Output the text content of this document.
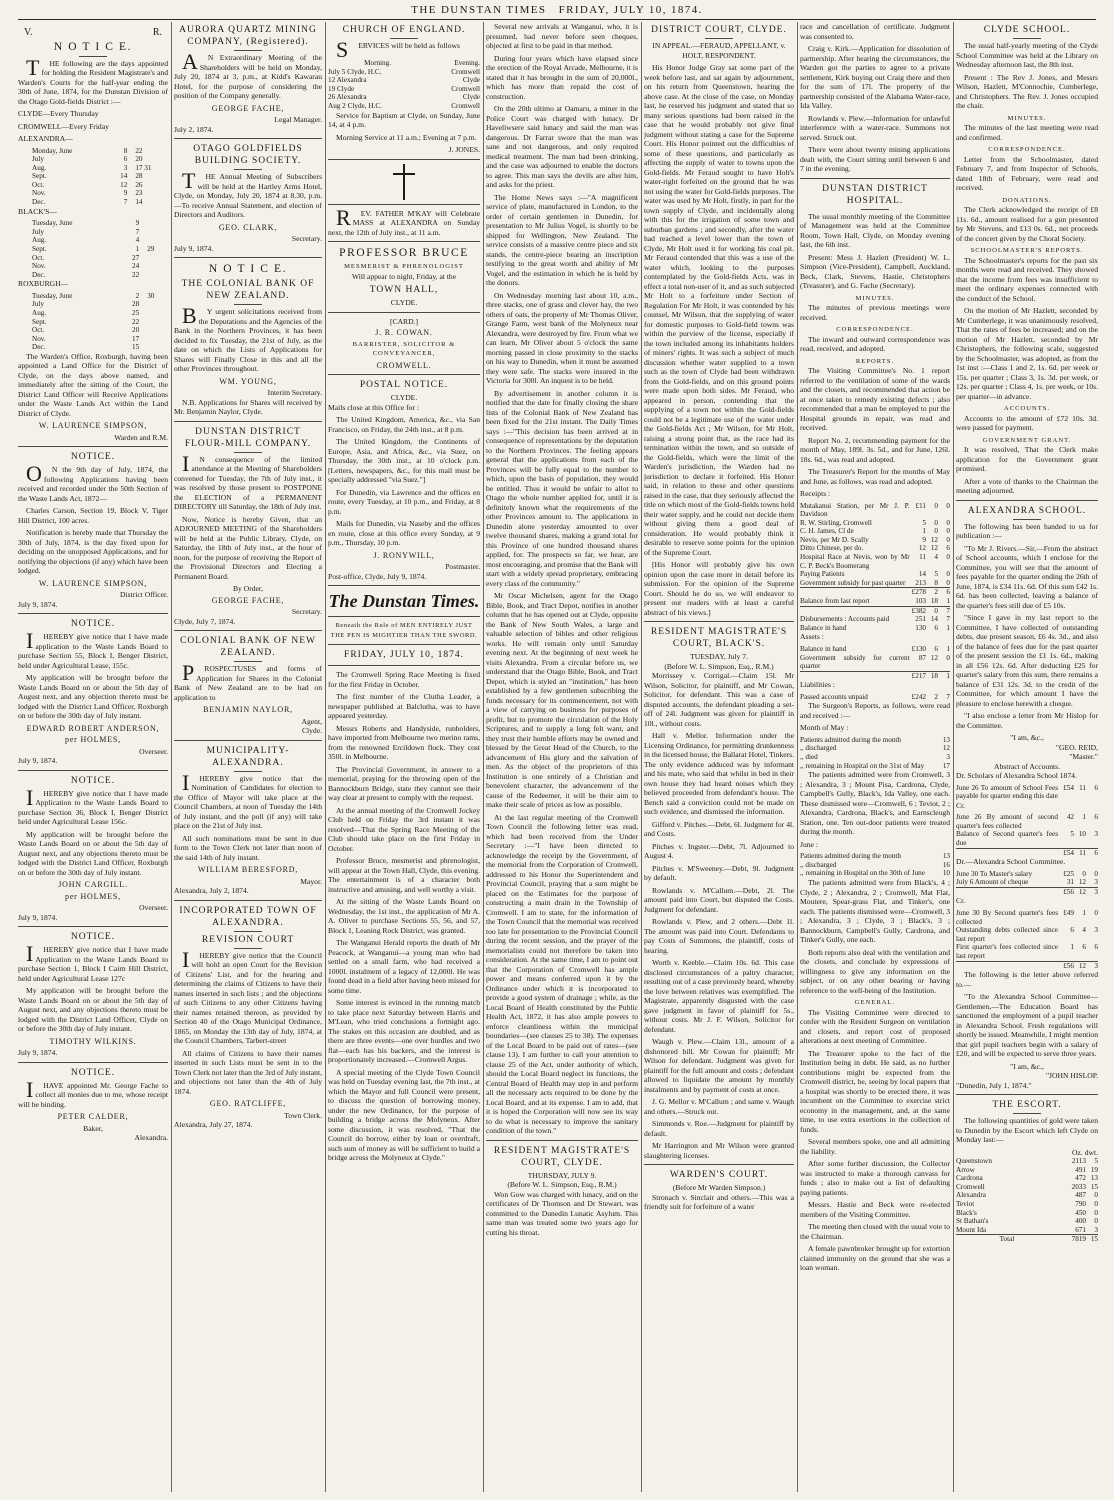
THE DUNSTAN TIMES FRIDAY, JULY 10, 1874.
V.	R.
N O T I C E.

THE following are the days appointed for holding the Resident Magistrate's and Warden's Courts for the half-year ending the 30th of June, 1874, for the Dunstan Division of the Otago Gold-fields District :—

CLYDE—Every Thursday

CROMWELL—Every Friday

ALEXANDRA—

Monday, June	8	22
July	6	20
Aug.	3	17 31
Sept.	14	28
Oct.	12	26
Nov.	9	23
Dec.	7	14

BLACK'S—

Tuesday, June	9	
July	7	
Aug.	4	
Sept.	1	29
Oct.	27	
Nov.	24	
Dec.	22	

ROXBURGH—

Tuesday, June	2	30
July	28	
Aug.	25	
Sept.	22	
Oct.	20	
Nov.	17	
Dec.	15	

The Warden's Office, Roxburgh, having been appointed a Land Office for the District of Clyde, on the days above named, and immediately after the sitting of the Court, the District Land Officer will Receive Applications under the Waste Lands Act within the Land District of Clyde.

W. LAURENCE SIMPSON,
Warden and R.M.
NOTICE.

ON the 9th day of July, 1874, the following Applications having been received and recorded under the 50th Section of the Waste Lands Act, 1872—

Charles Carson, Section 19, Block V, Tiger Hill District, 100 acres.

Notification is hereby made that Thursday the 30th of July, 1874, is the day fixed upon for deciding on the unopposed Applications, and for notifying the objections (if any) which have been lodged.

W. LAURENCE SIMPSON,
District Officer.

July 9, 1874.

NOTICE.

IHEREBY give notice that I have made application to the Waste Lands Board to purchase Section 55, Block I, Benger District, held under Agricultural Lease, 155c.

My application will be brought before the Waste Lands Board on or about the 5th day of August next, and any objection thereto must be lodged with the District Land Officer, Roxburgh on or before the 30th day of July instant.

EDWARD ROBERT ANDERSON,
per HOLMES,
Overseer.

July 9, 1874.

NOTICE.

IHEREBY give notice that I have made Application to the Waste Lands Board to purchase Section 36, Block I, Benger District held under Agricultural Lease 156c.

My application will be brought before the Waste Lands Board on or about the 5th day of August next, and any objections thereto must be lodged with the District Land Officer, Roxburgh on or before the 30th day of July instant.

JOHN CARGILL.
per HOLMES,
Overseer.

July 9, 1874.

NOTICE.

IHEREBY give notice that I have made Application to the Waste Lands Board to purchase Section 1, Block I Cairn Hill District, held under Agricultural Lease 127c

My application will be brought before the Waste Lands Board on or about the 5th day of August next, and any objections thereto must be lodged with the District Land Officer, Clyde on or before the 30th day of July instant.

TIMOTHY WILKINS.

July 9, 1874.

NOTICE.

IHAVE appointed Mr. George Fache to collect all monies due to me, whose receipt will be binding.

PETER CALDER,
Baker,
Alexandra.
AURORA QUARTZ MINING COMPANY, (Registered).

AN Extraordinary Meeting of the Shareholders will be held on Monday, July 20, 1874 at 3, p.m., at Kidd's Kawarau Hotel, for the purpose of considering the position of the Company generally.

GEORGE FACHE,
Legal Manager.

July 2, 1874.

OTAGO GOLDFIELDS BUILDING SOCIETY.

THE Annual Meeting of Subscribers will be held at the Hartley Arms Hotel, Clyde, on Monday, July 20, 1874 at 8.30, p.m.—To receive Annual Statement, and election of Directors and Auditors.

GEO. CLARK,
Secretary.

July 9, 1874.

N O T I C E.
THE COLONIAL BANK OF NEW ZEALAND.

BY urgent solicitations received from the Deputations and the Agencies of the Bank in the Northern Provinces, it has been decided to fix Tuesday, the 21st of July, as the date on which the Lists of Applications for Shares will Finally Close in this and all the other Provinces throughout.

WM. YOUNG,
Interim Secretary.

N.B. Applications for Shares will received by Mr. Benjamin Naylor, Clyde.

DUNSTAN DISTRICT FLOUR-MILL COMPANY.

IN consequence of the limited attendance at the Meeting of Shareholders convened for Tuesday, the 7th of July inst., it was resolved by those present to POSTPONE the ELECTION of a PERMANENT DIRECTORY till Saturday, the 18th of July inst.

Now, Notice is hereby Given, that an ADJOURNED MEETING of the Shareholders will be held at the Public Library, Clyde, on Saturday, the 18th of July inst., at the hour of noon, for the purpose of receiving the Report of the Provisional Directors and Electing a Permanent Board.

By Order,
GEORGE FACHE,
Secretary.

Clyde, July 7, 1874.

COLONIAL BANK OF NEW ZEALAND.

PROSPECTUSES and forms of Application for Shares in the Colonial Bank of New Zealand are to be had on application to

BENJAMIN NAYLOR,
Agent,
Clyde.
MUNICIPALITY-ALEXANDRA.

IHEREBY give notice that the Nomination of Candidates for election to the Office of Mayor will take place at the Council Chambers, at noon of Tuesday the 14th of July instant, and the poll (if any) will take place on the 21st of July inst.

All such nominations must be sent in due form to the Town Clerk not later than noon of the said 14th of July instant.

WILLIAM BERESFORD,
Mayor.

Alexandra, July 2, 1874.

INCORPORATED TOWN OF ALEXANDRA.
REVISION COURT

IHEREBY give notice that the Council will hold an open Court for the Revision of Citizens' List, and for the hearing and determining the claims of Citizens to have their names inserted in such lists ; and the objections of such Citizens to any other Citizens having their names retained thereon, as provided by Section 40 of the Otago Municipal Ordinance, 1865, on Monday the 13th day of July, 1874, at the Council Chambers, Tarbert-street

All claims of Citizens to have their names inserted in such Lists must be sent in to the Town Clerk not later than the 3rd of July instant, and objections not later than the 4th of July 1874.

GEO. RATCLIFFE,
Town Clerk.

Alexandra, July 27, 1874.

CHURCH OF ENGLAND.

SERVICES will be held as follows

Morning.	Evening.
July 5 Clyde, H.C.	Cromwell
12 Alexandra	Clyde
19 Clyde	Cromwell
26 Alexandra	Clyde
Aug 2 Clyde, H.C.	Cromwell

Service for Baptism at Clyde, on Sunday, June 14, at 4 p.m.

Morning Service at 11 a.m.; Evening at 7 p.m.

J. JONES.

REV. FATHER M'KAY will Celebrate MASS at ALEXANDRA on Sunday next, the 12th of July inst., at 11 a.m.

PROFESSOR BRUCE
MESMERIST & PHRENOLOGIST

Will appear to night, Friday, at the

TOWN HALL,
CLYDE.
[CARD.]
J. R. COWAN.
BARRISTER, SOLICITOR & CONVEYANCER,
CROMWELL.
POSTAL NOTICE.
CLYDE.

Mails close at this Office for :

The United Kingdom, America, &c., via San Francisco, on Friday, the 24th inst., at 8 p.m.

The United Kingdom, the Continents of Europe, Asia, and Africa, &c., via Suez, on Thursday, the 30th inst., at 10 o'clock p.m. [Letters, newspapers, &c., for this mail must be specially addressed "via Suez."]

For Dunedin, via Lawrence and the offices en route, every Tuesday, at 10 p.m., and Friday, at 8 p.m.

Mails for Dunedin, via Naseby and the offices en route, close at this office every Sunday, at 9 p.m., Thursday, 10 p.m.

J. RONYWILL,
Postmaster.

Post-office, Clyde, July 9, 1874.

The Dunstan Times.
Beneath the Rule of MEN ENTIRELY JUST
THE PEN IS MIGHTIER THAN THE SWORD.
FRIDAY, JULY 10, 1874.

The Cromwell Spring Race Meeting is fixed for the first Friday in October.

The first number of the Clutha Leader, a newspaper published at Balclutha, was to have appeared yesterday.

Messrs Roberts and Handyside, runholders, have imported from Melbourne two merino rams, from the renowned Ercildown flock. They cost 350l. in Melbourne.

The Provincial Government, in answer to a memorial, praying for the throwing open of the Bannockburn Bridge, state they cannot see their way clear at present to comply with the request.

At the annual meeting of the Cromwell Jockey Club held on Friday the 3rd instant it was resolved—That the Spring Race Meeting of the Club should take place on the first Friday in October.

Professor Bruce, mesmerist and phrenologist, will appear at the Town Hall, Clyde, this evening. The entertainment is of a character both instructive and amusing, and well worthy a visit.

At the sitting of the Waste Lands Board on Wednesday, the 1st inst., the application of Mr A. A. Oliver to purchase Sections 55, 56, and 57, Block 1, Leaning Rock District, was granted.

The Wanganui Herald reports the death of Mr Peacock, at Wanganui—a young man who had settled on a small farm, who had received a 1000l. instalment of a legacy of 12,000l. He was found dead in a field after having been missed for some time.

Some interest is evinced in the running match to take place next Saturday between Harris and M'Lean, who tried conclusions a fortnight ago. The stakes on this occasion are doubled, and as there are three events—one over hurdles and two flat—each has his backers, and the interest is proportionately increased.—Cromwell Argus.

A special meeting of the Clyde Town Council was held on Tuesday evening last, the 7th inst., at which the Mayor and full Council were present, to discuss the question of borrowing money, under the new Ordinance, for the purpose of building a bridge across the Molyneux. After some discussion, it was resolved, "That the Council do borrow, either by loan or overdraft, such sum of money as will be sufficient to build a bridge across the Molyneux at Clyde."

Several new arrivals at Wanganui, who, it is presumed, had never before seen cheques, objected at first to be paid in that method.

During four years which have elapsed since the erection of the Royal Arcade, Melbourne, it is stated that it has brought in the sum of 20,000l., which has more than repaid the cost of construction.

On the 20th ultimo at Oamaru, a miner in the Police Court was charged with lunacy. Dr Haveliwsere said lunacy and said the man was dangerous. Dr Farrar swore that the man was sane and not dangerous, and only required medical treatment. The man had been drinking, and the case was adjourned to enable the doctors to agree. This man says the devils are after him, and asks for the priest.

The Home News says :—"A magnificent service of plate, manufactured in London, to the order of certain gentlemen in Dunedin, for presentation to Mr Julius Vogel, is shortly to be shipped for Wellington, New Zealand. The service consists of a massive centre piece and six stands, the centre-piece bearing an inscription testifying to the great worth and ability of Mr Vogel, and the estimation in which he is held by the donors.

On Wednesday morning last about 10, a.m., three stacks, one of grass and clover hay, the two others of oats, the property of Mr Thomas Oliver, Grange Farm, west bank of the Molyneux near Alexandra, were destroyed by fire. From what we can learn, Mr Oliver about 5 o'clock the same morning passed in close proximity to the stacks on his way to Dunedin, when it must be assumed they were safe. The stacks were insured in the Victoria for 300l. An inquest is to be held.

By advertisement in another column it is notified that the date for finally closing the share lists of the Colonial Bank of New Zealand has been fixed for the 21st instant. The Daily Times says :—"This decision has been arrived at in consequence of representations by the deputation to the Northern Provinces. The feeling appears general that the applications from each of the Provinces will be fully equal to the number to which, upon the basis of population, they would be entitled. Thus it would be unfair to allot to Otago the whole number applied for, until it is definitely known what the requirements of the other Provinces amount to. The applications in Dunedin alone yesterday amounted to over twelve thousand shares, making a grand total for this Province of one hundred thousand shares applied, for. The prospects so far, we hear, are most encouraging, and promise that the Bank will start with a widely spread proprietary, embracing every class of the community."

Mr Oscar Michelsen, agent for the Otago Bible, Book, and Tract Depot, notifies in another column that he has opened out at Clyde, opposite the Bank of New South Wales, a large and valuable selection of bibles and other religious works. He will remain only until Saturday evening next. At the beginning of next week he visits Alexandra. From a circular before us, we understand that the Otago Bible, Book, and Tract Depot, which is styled an "institution," has been established by a few gentlemen subscribing the funds necessary for its commencement, not with a view of carrying on business for purposes of profit, but to promote the circulation of the Holy Scriptures, and to supply a long felt want, and they trust their humble efforts may be owned and blessed by the Great Head of the Church, to the advancement of His glory and the salvation of men. As the object of the proprietors of this Institution is one entirely of a Christian and benevolent character, the advancement of the cause of the Redeemer, it will be their aim to make their scale of prices as low as possible.

At the last regular meeting of the Cromwell Town Council the following letter was read, which had been received from the Under Secretary :—"I have been directed to acknowledge the receipt by the Government, of the memorial from the Corporation of Cromwell, addressed to his Honor the Superintendent and Provincial Council, praying that a sum might be placed on the Estimates for the purpose of constructing a main drain in the Township of Cromwell. I am to state, for the information of the Town Council that the memorial was received too late for presentation to the Provincial Council during the recent session, and the prayer of the memorialists could not therefore be taken into consideration. At the same time, I am to point out that the Corporation of Cromwell has ample power and means conferred upon it by the Ordinance under which it is incorporated to provide a good system of drainage ; while, as the Local Board of Health constituted by the Public Health Act, 1872, it has also ample powers to enforce cleanliness within the municipal boundaries—(see clauses 25 to 38). The expenses of the Local Board to be paid out of rates—(see clause 13). I am further to call your attention to clause 25 of the Act, under authority of which, should the Local Board neglect its functions, the Central Board of Health may step in and perform all the necessary acts required to be done by the Local Board, and at its expense. I am to add, that it is hoped the Corporation will now see its way to do what is necessary to improve the sanitary condition of the town."

RESIDENT MAGISTRATE'S COURT, CLYDE.
THURSDAY, JULY 9.
(Before W. L. Simpson, Esq., R.M.)

Won Gow was charged with lunacy, and on the certificates of Dr Thomson and Dr Stewart, was committed to the Dunedin Lunatic Asylum. This same man was treated some two years ago for cutting his throat.

DISTRICT COURT, CLYDE.

IN APPEAL.—FERAUD, APPELLANT, v. HOLT, RESPONDENT.

His Honor Judge Gray sat some part of the week before last, and sat again by adjournment, on his return from Queenstown, hearing the above case. At the close of the case, on Monday last, he reserved his judgment and stated that so many serious questions had been raised in the case that he would probably not give final judgment without stating a case for the Supreme Court. His Honor pointed out the difficulties of some of these questions, and particularly as affecting the supply of water to towns upon the Gold-fields. Mr Feraud sought to have Holt's water-right forfeited on the ground that he was not using the water for Gold-fields purposes. The water was used by Mr Holt, firstly, in part for the town supply of Clyde, and incidentally along with this for the irrigation of some town and suburban gardens ; and secondly, after the water had reached a level lower than the town of Clyde, Mr Holt used it for working his coal pit. Mr Feraud contended that this was a use of the water which, looking to the purposes contemplated by the Gold-fields Acts, was in effect a total non-user of it, and as such subjected Mr Holt to a forfeiture under Section of Regulation For Mr Holt, it was contended by his counsel, Mr Wilson, that the supplying of water for domestic purposes to Gold-field towns was within the purview of the license, especially if the town included among its inhabitants holders of miners' rights. It was such a subject of much discussion whether water supplied to a town such as the town of Clyde had been withdrawn from the Gold-fields, and on this ground points were made upon both sides. Mr Feraud, who appeared in person, contending that the supplying of a town not within the Gold-fields could not be a legitimate use of the water under the Gold-fields Act ; Mr Wilson, for Mr Holt, raising a strong point that, as the race had its termination within the town, and so outside of the Gold-fields, which were the limit of the Warden's jurisdiction, the Warden had no jurisdiction to declare it forfeited. His Honor said, in relation to these and other questions raised in the case, that they seriously affected the title on which most of the Gold-fields towns held their water supply, and he could not decide them without giving them a good deal of consideration. He would probably think it desirable to reserve some points for the opinion of the Supreme Court.

[His Honor will probably give his own opinion upon the case more in detail before its submission. For the opinion of the Supreme Court. Should he do so, we will endeavor to present our readers with at least a careful abstract of his views.]

RESIDENT MAGISTRATE'S COURT, BLACK'S.
TUESDAY, July 7.
(Before W. L. Simpson, Esq., R.M.)

Morrissey v. Corrigal.—Claim 15l. Mr Wilson, Solicitor, for plaintiff, and Mr Cowan, Solicitor, for defendant. This was a case of disputed accounts, the defendant pleading a set-off of 24l. Judgment was given for plaintiff in 10l., without costs.

Hall v. Mellor. Information under the Licensing Ordinance, for permitting drunkenness in the licensed house, the Ballarat Hotel, Tinkers. The only evidence adduced was by informant and his mate, who said that whilst in bed in their own house they had heard noises which they believed proceeded from defendant's house. The Bench said a conviction could not be made on such evidence, and dismissed the information.

Gifford v. Pitches.—Debt, 6l. Judgment for 4l. and Costs.

Pitches v. Ingster.—Debt, 7l. Adjourned to August 4.

Pitches v. M'Sweeney.—Debt, 9l. Judgment by default.

Rowlands v. M'Callum.—Debt, 2l. The amount paid into Court, but disputed the Costs. Judgment for defendant.

Rowlands v. Plew, and 2 others.—Debt 1l. The amount was paid into Court. Defendants to pay Costs of Summons, the plaintiff, costs of hearing.

Worth v. Keeble.—Claim 10s. 6d. This case disclosed circumstances of a paltry character, resulting out of a case previously heard, whereby the love between relatives was exemplified. The Magistrate, apparently disgusted with the case gave judgment in favor of plaintiff for 5s., without costs. Mr J. F. Wilson, Solicitor for defendant.

Waugh v. Plew.—Claim 13l., amount of a dishonored bill. Mr Cowan for plaintiff; Mr Wilson for defendant. Judgment was given for plaintiff for the full amount and costs ; defendant allowed to liquidate the amount by monthly instalments and by payment of costs at once.

J. G. Mellor v. M'Callum ; and same v. Waugh and others.—Struck out.

Simmonds v. Roe.—Judgment for plaintiff by default.

Mr Harrington and Mr Wilson were granted slaughtering licenses.

WARDEN'S COURT.
(Before Mr Warden Simpson.)

Stronach v. Sinclair and others.—This was a friendly suit for forfeiture of a water

race and cancellation of certificate. Judgment was consented to.

Craig v. Kirk.—Application for dissolution of partnership. After hearing the circumstances, the Warden got the parties to agree to a private settlement, Kirk buying out Craig there and then for the sum of 17l. The property of the partnership consisted of the Alabama Water-race, Ida Valley.

Rowlands v. Plew.—Information for unlawful interference with a water-race. Summons not served. Struck out.

There were about twenty mining applications dealt with, the Court sitting until between 6 and 7 in the evening.

DUNSTAN DISTRICT HOSPITAL.

The usual monthly meeting of the Committee of Management was held at the Committee Room, Town Hall, Clyde, on Monday evening last, the 6th inst.

Present: Mess J. Hazlett (President) W. L. Simpson (Vice-President), Campbell, Auckland, Beck, Clark, Stevens, Hastie, Christophers (Treasurer), and G. Fache (Secretary).

MINUTES.

The minutes of previous meetings were received.

CORRESPONDENCE.

The inward and outward correspondence was read, received, and adopted.

REPORTS.

The Visiting Committee's No. 1 report referred to the ventilation of some of the wards and the closets, and recommended that action be at once taken to remedy existing defects ; also recommended that a man be employed to put the Hospital grounds in repair, was read and received.

Report No. 2, recommending payment for the month of May, 189l. 3s. 5d., and for June, 126l. 18s. 6d., was read and adopted.

The Treasurer's Report for the months of May and June, as follows, was read and adopted.

Receipts :

Mutakanui Station, per Mr J. P. Davidson	£11	0	0
R. W. Stirling, Cromwell	5	0	0
C. H. James, Cl de	1	0	0
Nevis, per Mr D. Scally	9	12	0
Ditto Chinese, per do.	12	12	6
Hospital Race at Nevis, won by Mr C. P. Beck's Boomerang	11	4	0
Paying Patients	14	5	0
Government subsidy for past quarter	213	8	0
	£278	2	6
Balance from last report	103	18	1
	£382	0	7
Disbursements : Accounts paid	251	14	7
Balance in hand	130	6	1

Assets :

Balance in hand	£130	6	1
Government subsidy for current quarter	87	12	0
	£217	18	1

Liabilities :

Passed accounts unpaid	£242	2	7

The Surgeon's Reports, as follows, were read and received :—

Month of May :

Patients admitted during the month	13
,, discharged	12
,, died	3
,, remaining in Hospital on the 31st of May	17

The patients admitted were from Cromwell, 3 ; Alexandra, 3 ; Mount Pisa, Cardrona, Clyde, Campbell's Gully, Black's, Ida Valley, one each. These dismissed were—Cromwell, 6 ; Teviot, 2 ; Alexandra, Cardrona, Black's, and Earnscleugh Station, one. Ten out-door patients were treated during the month.

June :

Patients admitted during the month	13
,, discharged	16
,, remaining in Hospital on the 30th of June	10

The patients admitted were from Black's, 4 ; Clyde, 2 ; Alexandra, 2 ; Cromwell, Mat Flat, Moutere, Spear-grass Flat, and Tinker's, one each. The patients dismissed were—Cromwell, 3 ; Alexandra, 3 ; Clyde, 3 ; Black's, 3 ; Bannockburn, Campbell's Gully, Cardrona, and Tinker's Gully, one each.

Both reports also deal with the ventilation and the closets, and conclude by expressions of willingness to give any information on the subject, or on any other bearing or having reference to the well-being of the Institution.

GENERAL.

The Visiting Committee were directed to confer with the Resident Surgeon on ventilation and closets, and report cost of proposed alterations at next meeting of Committee.

The Treasurer spoke to the fact of the Institution being in debt. He said, as no further contributions might be expected from the Cromwell district, he, seeing by local papers that a hospital was shortly to be erected there, it was incumbent on the Committee to exercise strict economy in the management, and, at the same time, to use extra exertions in the collection of funds.

Several members spoke, one and all admitting the liability.

After some further discussion, the Collector was instructed to make a thorough canvass for funds ; also to make out a list of defaulting paying patients.

Messrs. Hastie and Beck were re-elected members of the Visiting Committee.

The meeting then closed with the usual vote to the Chairman.

A female pawnbroker brought up for extortion claimed immunity on the ground that she was a loan woman.

CLYDE SCHOOL.

The usual half-yearly meeting of the Clyde School Committee was held at the Library on Wednesday afternoon last, the 8th inst.

Present : The Rev J. Jones, and Messrs Wilson, Hazlett, M'Connochie, Cumberlege, and Christophers. The Rev. J. Jones occupied the chair.

MINUTES.

The minutes of the last meeting were read and confirmed.

CORRESPONDENCE.

Letter from the Schoolmaster, dated February 7, and from Inspector of Schools, dated 18th of February, were read and received.

DONATIONS.

The Clerk acknowledged the receipt of £8 11s. 6d., amount realised for a gun presented by Mr Stevens, and £13 0s. 6d., net proceeds of the concert given by the Choral Society.

SCHOOLMASTER'S REPORTS.

The Schoolmaster's reports for the past six months were read and received. They showed that the income from fees was insufficient to meet the ordinary expenses connected with the conduct of the School.

On the motion of Mr Hazlett, seconded by Mr Cumberlege, it was unanimously resolved, That the rates of fees be increased; and on the motion of Mr Hazlett, seconded by Mr Christophers, the following scale, suggested by the Schoolmaster, was adopted, as from the 1st inst :—Class 1 and 2, 1s. 6d. per week or 15s. per quarter ; Class 3, 1s. 3d. per week, or 12s. per quarter ; Class 4, 1s. per week, or 10s. per quarter—in advance.

ACCOUNTS.

Accounts to the amount of £72 10s. 3d. were passed for payment.

GOVERNMENT GRANT.

It was resolved, That the Clerk make application for the Government grant promised.

After a vote of thanks to the Chairman the meeting adjourned.

ALEXANDRA SCHOOL.

The following has been handed to us for publication :—

"To Mr J. Rivers.—Sir,—From the abstract of School accounts, which I enclose for the Committee, you will see that the amount of fees payable for the quarter ending the 26th of June, 1874, is £34 11s. 6d. Of this sum £42 1s. 6d. has been collected, leaving a balance of the quarter's fees still due of £5 10s.

"Since I gave in my last report to the Committee, I have collected of outstanding debts, due present season, £6 4s. 3d., and also of the balance of fees due for the past quarter of the present session the £1 1s. 6d., making in all £56 12s. 6d. After deducting £25 for quarter's salary from this sum, there remains a balance of £31 12s. 3d. to the credit of the Committee, for which amount I have the pleasure to enclose herewith a cheque.

"I also enclose a letter from Mr Hislop for the Committee.

"I am, &c.,
"GEO. REID,
"Master."
Abstract of Accounts.

Dr. Scholars of Alexandra School 1874.

June 26 To amount of School Fees payable for quarter ending this date	£54	11	6

Cr.

June 26 By amount of second quarter's fees collected	42	1	6
Balance of Second quarter's fees due	5	10	3
	£54	11	6

Dr.—Alexandra School Committee.

June 30 To Master's salary	£25	0	0
July 6 Amount of cheque	31	12	3
	£56	12	3

Cr.

June 30 By Second quarter's fees collected	£49	1	0
Outstanding debts collected since last report	6	4	3
First quarter's fees collected since last report	1	6	6
	£56	12	3

The following is the letter above referred to.—

"To the Alexandra School Committee—Gentlemen,—The Education Board has sanctioned the employment of a pupil teacher in Alexandra School. Fresh regulations will shortly be issued. Meanwhile, I might mention that girl pupil teachers begin with a salary of £20, and will be expected to serve three years.

"I am, &c.,
"JOHN HISLOP.

"Dunedin, July 1, 1874."

THE ESCORT.

The following quantities of gold were taken to Dunedin by the Escort which left Clyde on Monday last:—

Oz. dwt.
Queenstown	2113	5
Arrow	491	19
Cardrona	472	13
Cromwell	2033	15
Alexandra	487	0
Teviot	790	0
Black's	450	0
St Bathan's	400	0
Mount Ida	671	3
Total	7819	15
